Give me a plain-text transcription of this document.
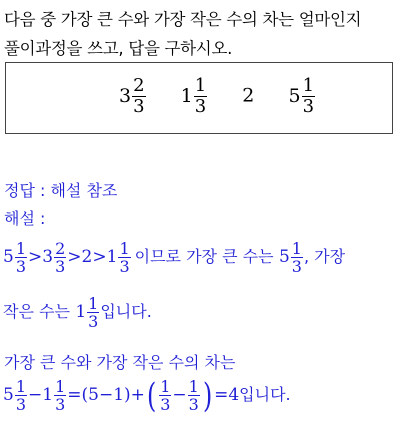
다음 중 가장 큰 수와 가장 작은 수의 차는 얼마인지
풀이과정을 쓰고, 답을 구하시오.
$3 \frac{2}{3} 1 \frac{1}{3} 2$ $5 \frac{1}{3}$
정답 : 해설 참조
해설 :
$5 \frac{1}{3} >3 \frac{2}{3} >2>1 \frac{1}{3}$ 이므로 가장 큰 수는 $5 \frac{1}{3}$ , 가장
작은 수는 $1 \frac{1}{3}$ 입니다.
가장 큰 수와 가장 작은 수의 차는
$5 \frac{1}{3} -1 \frac{1}{3} =(5-1)+( \frac{1}{3} - \frac{1}{3}$ ) =4입니다.
